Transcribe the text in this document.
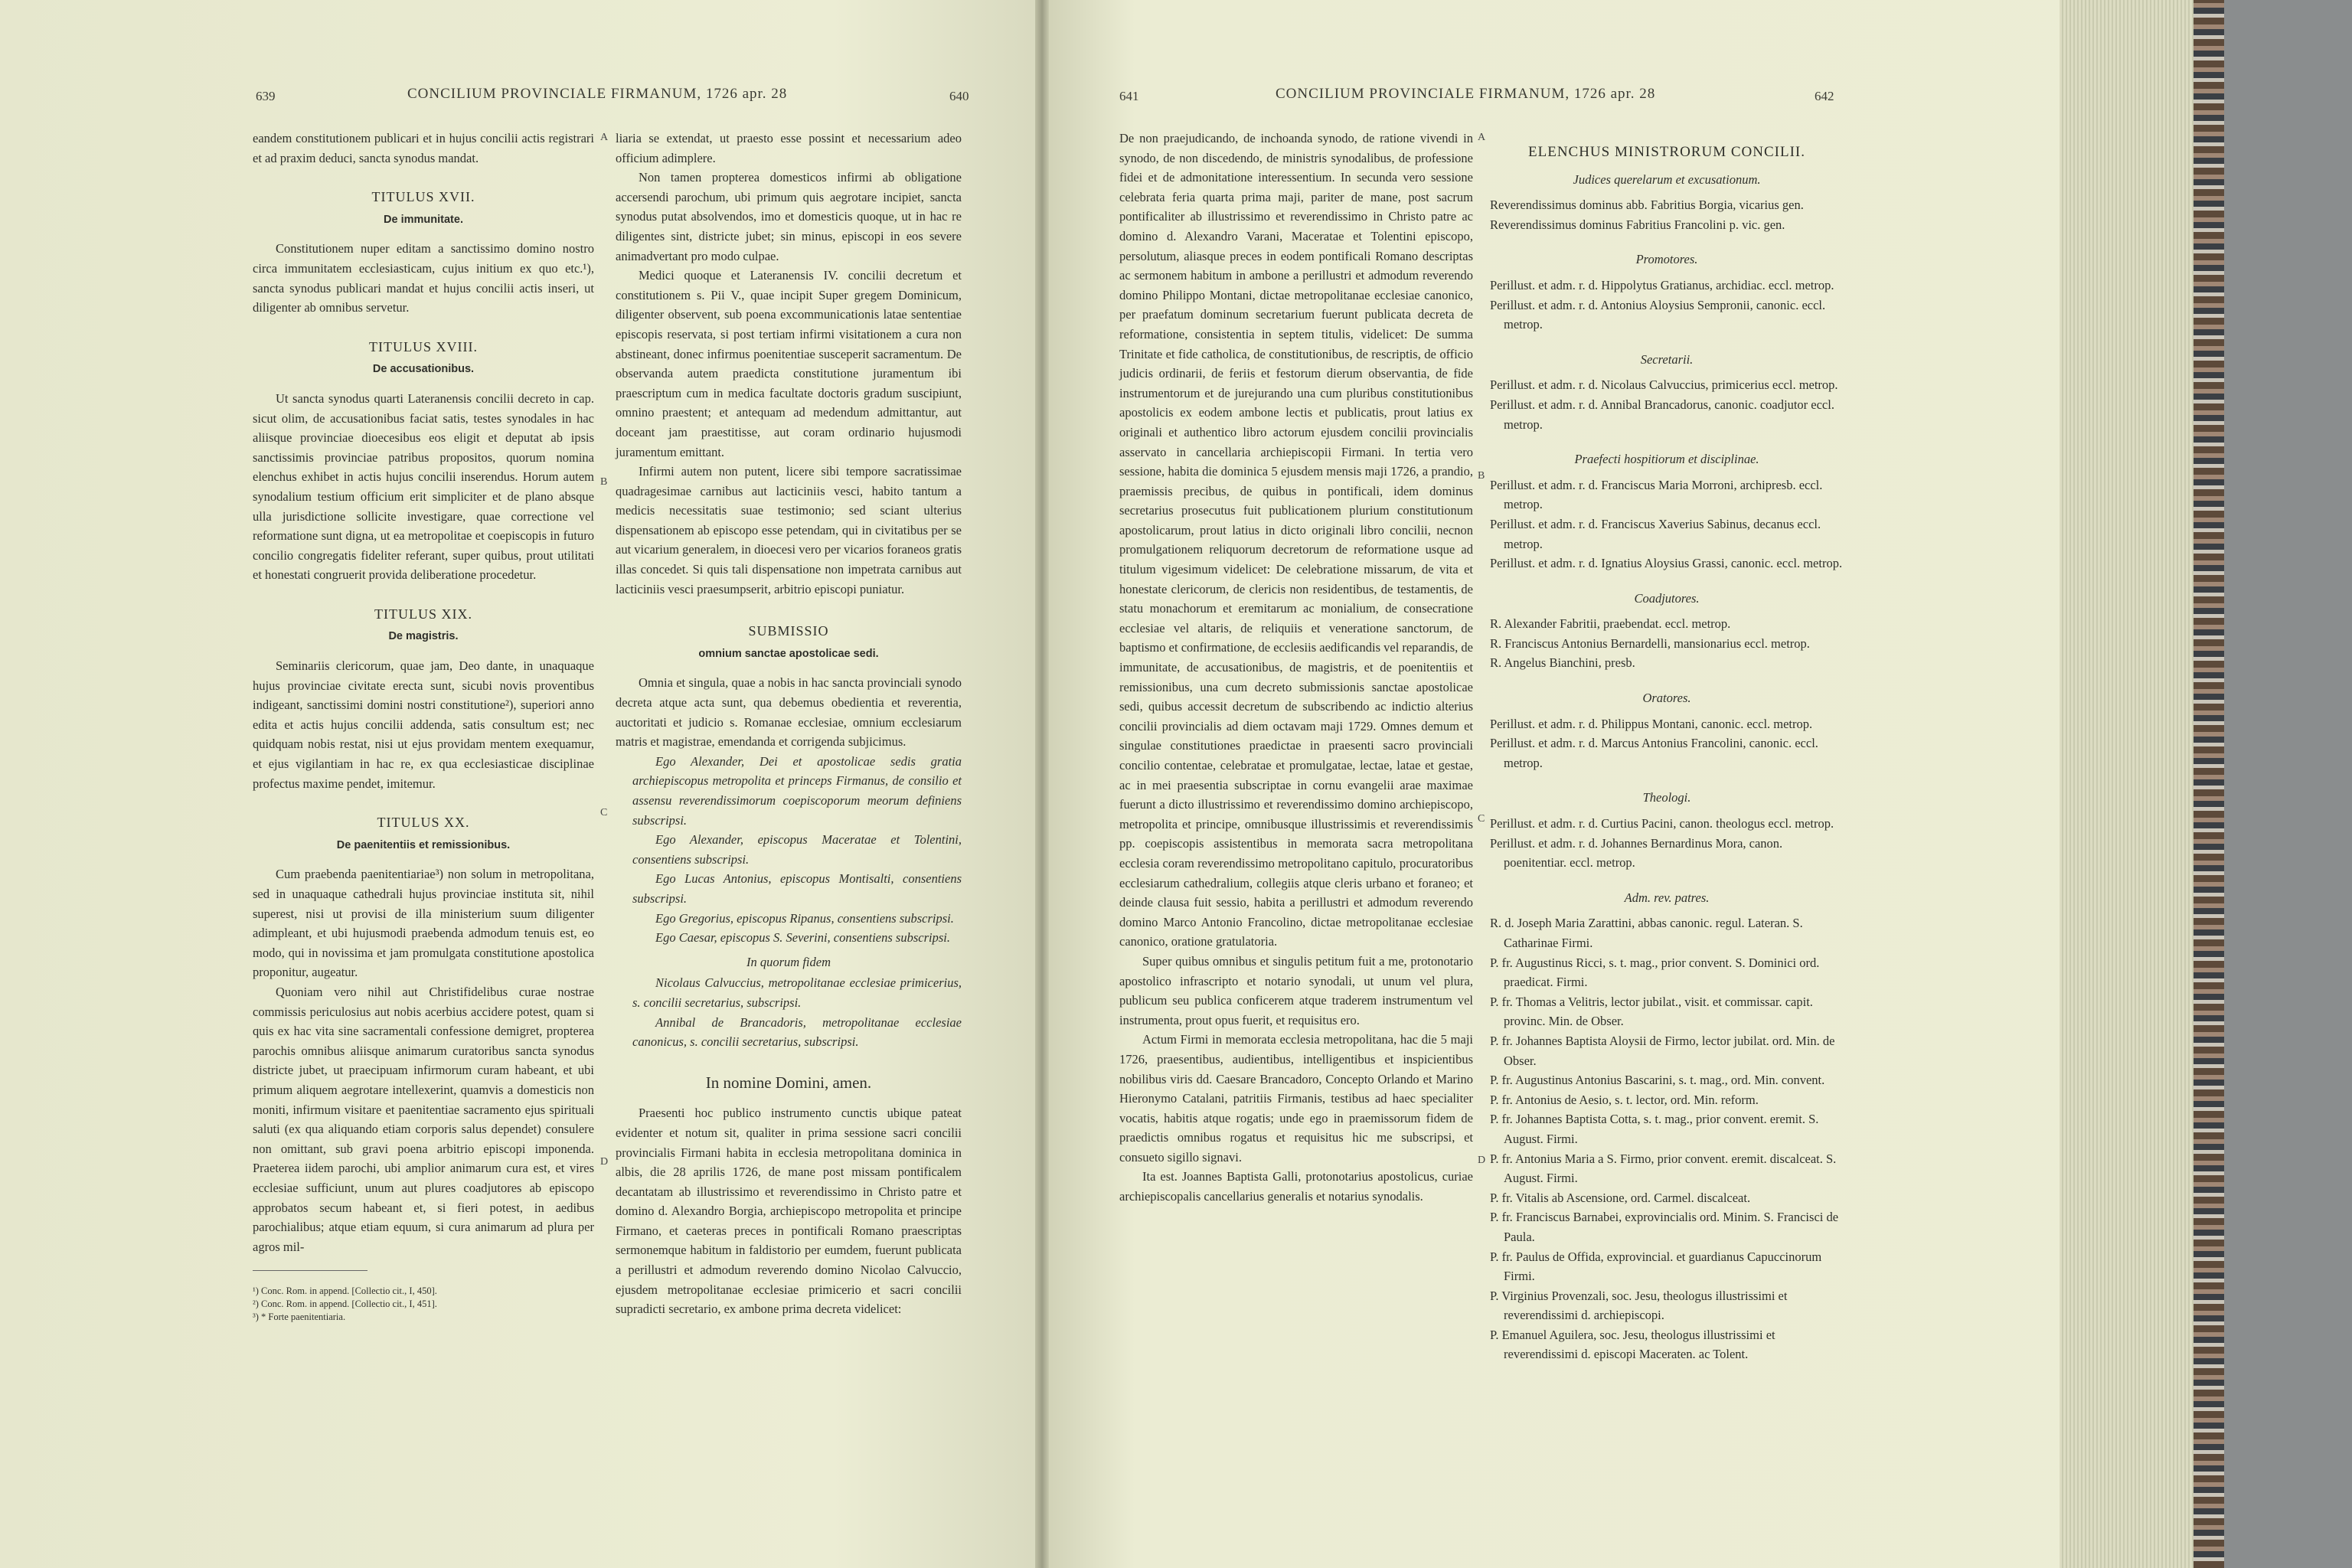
639	CONCILIUM PROVINCIALE FIRMANUM, 1726 apr. 28	640

eandem constitutionem publicari et in hujus concilii actis registrari et ad praxim deduci, sancta synodus mandat.

TITULUS XVII.
De immunitate.

Constitutionem nuper editam a sanctissimo domino nostro circa immunitatem ecclesiasticam, cujus initium ex quo etc.¹), sancta synodus publicari mandat et hujus concilii actis inseri, ut diligenter ab omnibus servetur.

TITULUS XVIII.
De accusationibus.

Ut sancta synodus quarti Lateranensis concilii decreto in cap. sicut olim, de accusationibus faciat satis, testes synodales in hac aliisque provinciae dioecesibus eos eligit et deputat ab ipsis sanctissimis provinciae patribus propositos, quorum nomina elenchus exhibet in actis hujus concilii inserendus. Horum autem synodalium testium officium erit simpliciter et de plano absque ulla jurisdictione sollicite investigare, quae correctione vel reformatione sunt digna, ut ea metropolitae et coepiscopis in futuro concilio congregatis fideliter referant, super quibus, prout utilitati et honestati congruerit provida deliberatione procedetur.

TITULUS XIX.
De magistris.

Seminariis clericorum, quae jam, Deo dante, in unaquaque hujus provinciae civitate erecta sunt, sicubi novis proventibus indigeant, sanctissimi domini nostri constitutione²), superiori anno edita et actis hujus concilii addenda, satis consultum est; nec quidquam nobis restat, nisi ut ejus providam mentem exequamur, et ejus vigilantiam in hac re, ex qua ecclesiasticae disciplinae profectus maxime pendet, imitemur.

TITULUS XX.
De paenitentiis et remissionibus.

Cum praebenda paenitentiariae³) non solum in metropolitana, sed in unaquaque cathedrali hujus provinciae instituta sit, nihil superest, nisi ut provisi de illa ministerium suum diligenter adimpleant, et ubi hujusmodi praebenda admodum tenuis est, eo modo, qui in novissima et jam promulgata constitutione apostolica proponitur, augeatur.

Quoniam vero nihil aut Christifidelibus curae nostrae commissis periculosius aut nobis acerbius accidere potest, quam si quis ex hac vita sine sacramentali confessione demigret, propterea parochis omnibus aliisque animarum curatoribus sancta synodus districte jubet, ut praecipuam infirmorum curam habeant, et ubi primum aliquem aegrotare intellexerint, quamvis a domesticis non moniti, infirmum visitare et paenitentiae sacramento ejus spirituali saluti (ex qua aliquando etiam corporis salus dependet) consulere non omittant, sub gravi poena arbitrio episcopi imponenda. Praeterea iidem parochi, ubi amplior animarum cura est, et vires ecclesiae sufficiunt, unum aut plures coadjutores ab episcopo approbatos secum habeant et, si fieri potest, in aedibus parochialibus; atque etiam equum, si cura animarum ad plura per agros mil-

¹) Conc. Rom. in append. [Collectio cit., I, 450].
²) Conc. Rom. in append. [Collectio cit., I, 451].
³) * Forte paenitentiaria.
A
B
C
D

liaria se extendat, ut praesto esse possint et necessarium adeo officium adimplere.

Non tamen propterea domesticos infirmi ab obligatione accersendi parochum, ubi primum quis aegrotare incipiet, sancta synodus putat absolvendos, imo et domesticis quoque, ut in hac re diligentes sint, districte jubet; sin minus, episcopi in eos severe animadvertant pro modo culpae.

Medici quoque et Lateranensis IV. concilii decretum et constitutionem s. Pii V., quae incipit Super gregem Dominicum, diligenter observent, sub poena excommunicationis latae sententiae episcopis reservata, si post tertiam infirmi visitationem a cura non abstineant, donec infirmus poenitentiae susceperit sacramentum. De observanda autem praedicta constitutione juramentum ibi praescriptum cum in medica facultate doctoris gradum suscipiunt, omnino praestent; et antequam ad medendum admittantur, aut doceant jam praestitisse, aut coram ordinario hujusmodi juramentum emittant.

Infirmi autem non putent, licere sibi tempore sacratissimae quadragesimae carnibus aut lacticiniis vesci, habito tantum a medicis necessitatis suae testimonio; sed sciant ulterius dispensationem ab episcopo esse petendam, qui in civitatibus per se aut vicarium generalem, in dioecesi vero per vicarios foraneos gratis illas concedet. Si quis tali dispensatione non impetrata carnibus aut lacticiniis vesci praesumpserit, arbitrio episcopi puniatur.

SUBMISSIO
omnium sanctae apostolicae sedi.

Omnia et singula, quae a nobis in hac sancta provinciali synodo decreta atque acta sunt, qua debemus obedientia et reverentia, auctoritati et judicio s. Romanae ecclesiae, omnium ecclesiarum matris et magistrae, emendanda et corrigenda subjicimus.

Ego Alexander, Dei et apostolicae sedis gratia archiepiscopus metropolita et princeps Firmanus, de consilio et assensu reverendissimorum coepiscoporum meorum definiens subscripsi.

Ego Alexander, episcopus Maceratae et Tolentini, consentiens subscripsi.

Ego Lucas Antonius, episcopus Montisalti, consentiens subscripsi.

Ego Gregorius, episcopus Ripanus, consentiens subscripsi.

Ego Caesar, episcopus S. Severini, consentiens subscripsi.

In quorum fidem

Nicolaus Calvuccius, metropolitanae ecclesiae primicerius, s. concilii secretarius, subscripsi.

Annibal de Brancadoris, metropolitanae ecclesiae canonicus, s. concilii secretarius, subscripsi.

In nomine Domini, amen.

Praesenti hoc publico instrumento cunctis ubique pateat evidenter et notum sit, qualiter in prima sessione sacri concilii provincialis Firmani habita in ecclesia metropolitana dominica in albis, die 28 aprilis 1726, de mane post missam pontificalem decantatam ab illustrissimo et reverendissimo in Christo patre et domino d. Alexandro Borgia, archiepiscopo metropolita et principe Firmano, et caeteras preces in pontificali Romano praescriptas sermonemque habitum in faldistorio per eumdem, fuerunt publicata a perillustri et admodum reverendo domino Nicolao Calvuccio, ejusdem metropolitanae ecclesiae primicerio et sacri concilii supradicti secretario, ex ambone prima decreta videlicet:

641	CONCILIUM PROVINCIALE FIRMANUM, 1726 apr. 28	642

De non praejudicando, de inchoanda synodo, de ratione vivendi in synodo, de non discedendo, de ministris synodalibus, de professione fidei et de admonitatione interessentium. In secunda vero sessione celebrata feria quarta prima maji, pariter de mane, post sacrum pontificaliter ab illustrissimo et reverendissimo in Christo patre ac domino d. Alexandro Varani, Maceratae et Tolentini episcopo, persolutum, aliasque preces in eodem pontificali Romano descriptas ac sermonem habitum in ambone a perillustri et admodum reverendo domino Philippo Montani, dictae metropolitanae ecclesiae canonico, per praefatum dominum secretarium fuerunt publicata decreta de reformatione, consistentia in septem titulis, videlicet: De summa Trinitate et fide catholica, de constitutionibus, de rescriptis, de officio judicis ordinarii, de feriis et festorum dierum observantia, de fide instrumentorum et de jurejurando una cum pluribus constitutionibus apostolicis ex eodem ambone lectis et publicatis, prout latius ex originali et authentico libro actorum ejusdem concilii provincialis asservato in cancellaria archiepiscopii Firmani. In tertia vero sessione, habita die dominica 5 ejusdem mensis maji 1726, a prandio, praemissis precibus, de quibus in pontificali, idem dominus secretarius prosecutus fuit publicationem plurium constitutionum apostolicarum, prout latius in dicto originali libro concilii, necnon promulgationem reliquorum decretorum de reformatione usque ad titulum vigesimum videlicet: De celebratione missarum, de vita et honestate clericorum, de clericis non residentibus, de testamentis, de statu monachorum et eremitarum ac monialium, de consecratione ecclesiae vel altaris, de reliquiis et veneratione sanctorum, de baptismo et confirmatione, de ecclesiis aedificandis vel reparandis, de immunitate, de accusationibus, de magistris, et de poenitentiis et remissionibus, una cum decreto submissionis sanctae apostolicae sedi, quibus accessit decretum de subscribendo ac indictio alterius concilii provincialis ad diem octavam maji 1729. Omnes demum et singulae constitutiones praedictae in praesenti sacro provinciali concilio contentae, celebratae et promulgatae, lectae, latae et gestae, ac in mei praesentia subscriptae in cornu evangelii arae maximae fuerunt a dicto illustrissimo et reverendissimo domino archiepiscopo, metropolita et principe, omnibusque illustrissimis et reverendissimis pp. coepiscopis assistentibus in memorata sacra metropolitana ecclesia coram reverendissimo metropolitano capitulo, procuratoribus ecclesiarum cathedralium, collegiis atque cleris urbano et foraneo; et deinde clausa fuit sessio, habita a perillustri et admodum reverendo domino Marco Antonio Francolino, dictae metropolitanae ecclesiae canonico, oratione gratulatoria.

Super quibus omnibus et singulis petitum fuit a me, protonotario apostolico infrascripto et notario synodali, ut unum vel plura, publicum seu publica conficerem atque traderem instrumentum vel instrumenta, prout opus fuerit, et requisitus ero.

Actum Firmi in memorata ecclesia metropolitana, hac die 5 maji 1726, praesentibus, audientibus, intelligentibus et inspicientibus nobilibus viris dd. Caesare Brancadoro, Concepto Orlando et Marino Hieronymo Catalani, patritiis Firmanis, testibus ad haec specialiter vocatis, habitis atque rogatis; unde ego in praemissorum fidem de praedictis omnibus rogatus et requisitus hic me subscripsi, et consueto sigillo signavi.

Ita est. Joannes Baptista Galli, protonotarius apostolicus, curiae archiepiscopalis cancellarius generalis et notarius synodalis.

A
B
C
D
ELENCHUS MINISTRORUM CONCILII.
Judices querelarum et excusationum.

Reverendissimus dominus abb. Fabritius Borgia, vicarius gen.

Reverendissimus dominus Fabritius Francolini p. vic. gen.

Promotores.

Perillust. et adm. r. d. Hippolytus Gratianus, archidiac. eccl. metrop.

Perillust. et adm. r. d. Antonius Aloysius Sempronii, canonic. eccl. metrop.

Secretarii.

Perillust. et adm. r. d. Nicolaus Calvuccius, primicerius eccl. metrop.

Perillust. et adm. r. d. Annibal Brancadorus, canonic. coadjutor eccl. metrop.

Praefecti hospitiorum et disciplinae.

Perillust. et adm. r. d. Franciscus Maria Morroni, archipresb. eccl. metrop.

Perillust. et adm. r. d. Franciscus Xaverius Sabinus, decanus eccl. metrop.

Perillust. et adm. r. d. Ignatius Aloysius Grassi, canonic. eccl. metrop.

Coadjutores.

R. Alexander Fabritii, praebendat. eccl. metrop.

R. Franciscus Antonius Bernardelli, mansionarius eccl. metrop.

R. Angelus Bianchini, presb.

Oratores.

Perillust. et adm. r. d. Philippus Montani, canonic. eccl. metrop.

Perillust. et adm. r. d. Marcus Antonius Francolini, canonic. eccl. metrop.

Theologi.

Perillust. et adm. r. d. Curtius Pacini, canon. theologus eccl. metrop.

Perillust. et adm. r. d. Johannes Bernardinus Mora, canon. poenitentiar. eccl. metrop.

Adm. rev. patres.

R. d. Joseph Maria Zarattini, abbas canonic. regul. Lateran. S. Catharinae Firmi.

P. fr. Augustinus Ricci, s. t. mag., prior convent. S. Dominici ord. praedicat. Firmi.

P. fr. Thomas a Velitris, lector jubilat., visit. et commissar. capit. provinc. Min. de Obser.

P. fr. Johannes Baptista Aloysii de Firmo, lector jubilat. ord. Min. de Obser.

P. fr. Augustinus Antonius Bascarini, s. t. mag., ord. Min. convent.

P. fr. Antonius de Aesio, s. t. lector, ord. Min. reform.

P. fr. Johannes Baptista Cotta, s. t. mag., prior convent. eremit. S. August. Firmi.

P. fr. Antonius Maria a S. Firmo, prior convent. eremit. discalceat. S. August. Firmi.

P. fr. Vitalis ab Ascensione, ord. Carmel. discalceat.

P. fr. Franciscus Barnabei, exprovincialis ord. Minim. S. Francisci de Paula.

P. fr. Paulus de Offida, exprovincial. et guardianus Capuccinorum Firmi.

P. Virginius Provenzali, soc. Jesu, theologus illustrissimi et reverendissimi d. archiepiscopi.

P. Emanuel Aguilera, soc. Jesu, theologus illustrissimi et reverendissimi d. episcopi Maceraten. ac Tolent.
